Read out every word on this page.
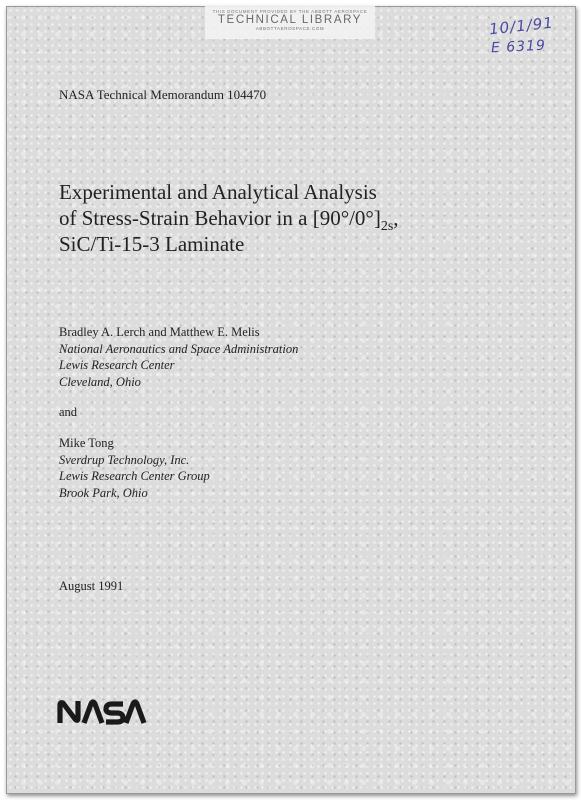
THIS DOCUMENT PROVIDED BY THE ABBOTT AEROSPACE
TECHNICAL LIBRARY
ABBOTTAEROSPACE.COM	10/1/91
E 6319
NASA Technical Memorandum 104470
Experimental and Analytical Analysis
of Stress-Strain Behavior in a $[90^\circ/0^\circ]_{2s}$,
SiC/Ti-15-3 Laminate
Bradley A. Lerch and Matthew E. Melis
National Aeronautics and Space Administration
Lewis Research Center
Cleveland, Ohio
and
Mike Tong
Sverdrup Technology, Inc.
Lewis Research Center Group
Brook Park, Ohio
August 1991
